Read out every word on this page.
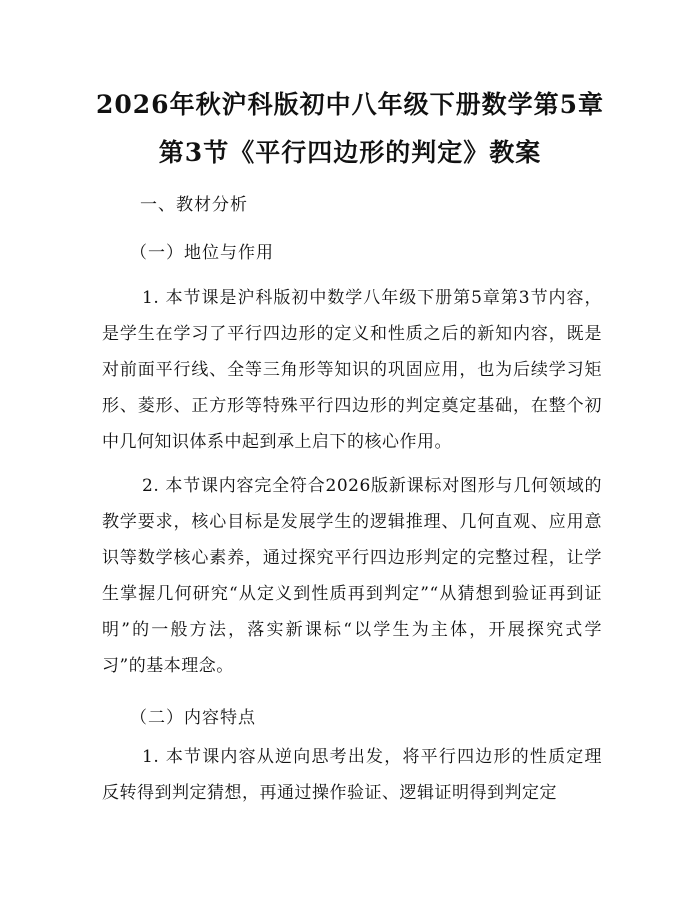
2026年秋沪科版初中八年级下册数学第5章
第3节《平行四边形的判定》教案
一、教材分析
（一）地位与作用
1. 本节课是沪科版初中数学八年级下册第5章第3节内容，是学生在学习了平行四边形的定义和性质之后的新知内容，既是对前面平行线、全等三角形等知识的巩固应用，也为后续学习矩形、菱形、正方形等特殊平行四边形的判定奠定基础，在整个初中几何知识体系中起到承上启下的核心作用。
2. 本节课内容完全符合2026版新课标对图形与几何领域的教学要求，核心目标是发展学生的逻辑推理、几何直观、应用意识等数学核心素养，通过探究平行四边形判定的完整过程，让学生掌握几何研究“从定义到性质再到判定”“从猜想到验证再到证明”的一般方法，落实新课标“以学生为主体，开展探究式学习”的基本理念。
（二）内容特点
1. 本节课内容从逆向思考出发，将平行四边形的性质定理反转得到判定猜想，再通过操作验证、逻辑证明得到判定定
